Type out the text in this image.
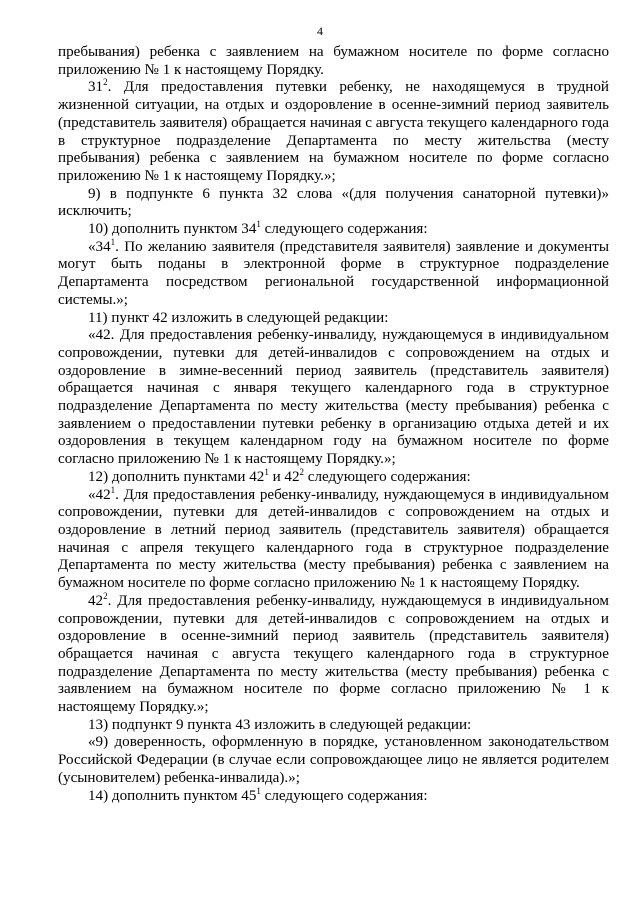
4

пребывания) ребенка с заявлением на бумажном носителе по форме согласно приложению № 1 к настоящему Порядку.

$31^2$. Для предоставления путевки ребенку, не находящемуся в трудной жизненной ситуации, на отдых и оздоровление в осенне-зимний период заявитель (представитель заявителя) обращается начиная с августа текущего календарного года в структурное подразделение Департамента по месту жительства (месту пребывания) ребенка с заявлением на бумажном носителе по форме согласно приложению № 1 к настоящему Порядку.»;

9) в подпункте 6 пункта 32 слова «(для получения санаторной путевки)» исключить;

10) дополнить пунктом $34^1$ следующего содержания:

«$34^1$. По желанию заявителя (представителя заявителя) заявление и документы могут быть поданы в электронной форме в структурное подразделение Департамента посредством региональной государственной информационной системы.»;

11) пункт 42 изложить в следующей редакции:

«42. Для предоставления ребенку-инвалиду, нуждающемуся в индивидуальном сопровождении, путевки для детей-инвалидов с сопровождением на отдых и оздоровление в зимне-весенний период заявитель (представитель заявителя) обращается начиная с января текущего календарного года в структурное подразделение Департамента по месту жительства (месту пребывания) ребенка с заявлением о предоставлении путевки ребенку в организацию отдыха детей и их оздоровления в текущем календарном году на бумажном носителе по форме согласно приложению № 1 к настоящему Порядку.»;

12) дополнить пунктами $42^1$ и $42^2$ следующего содержания:

«$42^1$. Для предоставления ребенку-инвалиду, нуждающемуся в индивидуальном сопровождении, путевки для детей-инвалидов с сопровождением на отдых и оздоровление в летний период заявитель (представитель заявителя) обращается начиная с апреля текущего календарного года в структурное подразделение Департамента по месту жительства (месту пребывания) ребенка с заявлением на бумажном носителе по форме согласно приложению № 1 к настоящему Порядку.

$42^2$. Для предоставления ребенку-инвалиду, нуждающемуся в индивидуальном сопровождении, путевки для детей-инвалидов с сопровождением на отдых и оздоровление в осенне-зимний период заявитель (представитель заявителя) обращается начиная с августа текущего календарного года в структурное подразделение Департамента по месту жительства (месту пребывания) ребенка с заявлением на бумажном носителе по форме согласно приложению № 1 к настоящему Порядку.»;

13) подпункт 9 пункта 43 изложить в следующей редакции:

«9) доверенность, оформленную в порядке, установленном законодательством Российской Федерации (в случае если сопровождающее лицо не является родителем (усыновителем) ребенка-инвалида).»;

14) дополнить пунктом $45^1$ следующего содержания:
